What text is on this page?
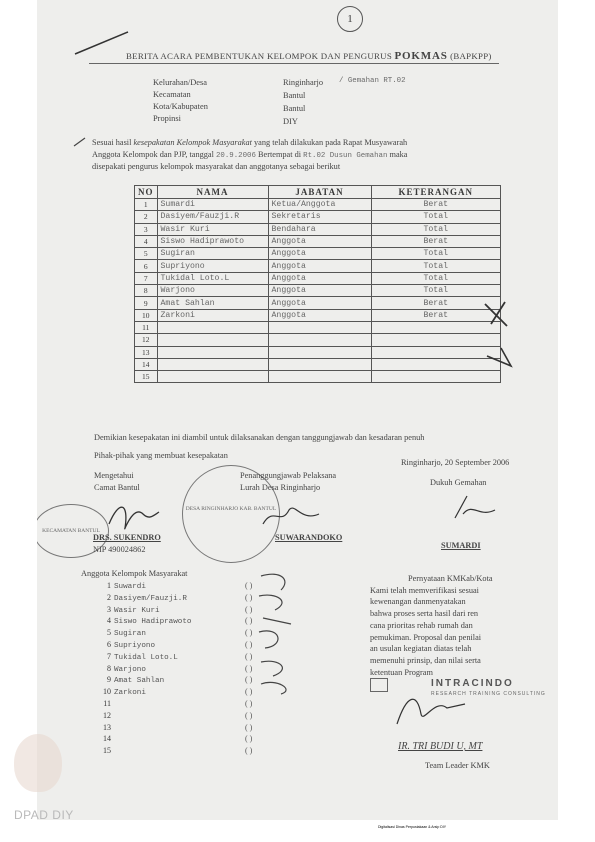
1
BERITA ACARA PEMBENTUKAN KELOMPOK DAN PENGURUS POKMAS (BAPKPP)
Kelurahan/Desa	Ringinharjo / Gemahan RT.02
Kecamatan	Bantul
Kota/Kabupaten	Bantul
Propinsi	DIY
Sesuai hasil kesepakatan Kelompok Masyarakat yang telah dilakukan pada Rapat Musyawarah
Anggota Kelompok dan PJP, tanggal 20.9.2006 Bertempat di Rt.02 Dusun Gemahan maka
disepakati pengurus kelompok masyarakat dan anggotanya sebagai berikut
NO	NAMA	JABATAN	KETERANGAN
1	Sumardi	Ketua/Anggota	Berat
2	Dasiyem/Fauzji.R	Sekretaris	Total
3	Wasir Kuri	Bendahara	Total
4	Siswo Hadiprawoto	Anggota	Berat
5	Sugiran	Anggota	Total
6	Supriyono	Anggota	Total
7	Tukidal Loto.L	Anggota	Total
8	Warjono	Anggota	Total
9	Amat Sahlan	Anggota	Berat
10	Zarkoni	Anggota	Berat
11			
12			
13			
14			
15			
Demikian kesepakatan ini diambil untuk dilaksanakan dengan tanggungjawab dan kesadaran penuh
Ringinharjo, 20 September 2006
Pihak-pihak yang membuat kesepakatan
Mengetahui
Camat Bantul
KECAMATAN BANTUL
DRS. SUKENDRO
NIP 490024862
DESA RINGINHARJO KAB. BANTUL
Penanggungjawab Pelaksana
Lurah Desa Ringinharjo
SUWARANDOKO
Dukuh Gemahan
SUMARDI
Anggota Kelompok Masyarakat
1 Suwardi	( )
2 Dasiyem/Fauzji.R	( )
3 Wasir Kuri	( )
4 Siswo Hadiprawoto	( )
5 Sugiran	( )
6 Supriyono	( )
7 Tukidal Loto.L	( )
8 Warjono	( )
9 Amat Sahlan	( )
10 Zarkoni	( )
11	( )
12	( )
13	( )
14	( )
15	( )
Pernyataan KMKab/Kota
Kami telah memverifikasi sesuai
kewenangan danmenyatakan
bahwa proses serta hasil dari ren
cana prioritas rehab rumah dan
pemukiman. Proposal dan penilai
an usulan kegiatan diatas telah
memenuhi prinsip, dan nilai serta
ketentuan Program
INTRACINDO
RESEARCH TRAINING CONSULTING
IR. TRI BUDI U, MT
Team Leader KMK
DPAD DIY
Digitalisasi Dinas Perpustakaan & Arsip DIY
